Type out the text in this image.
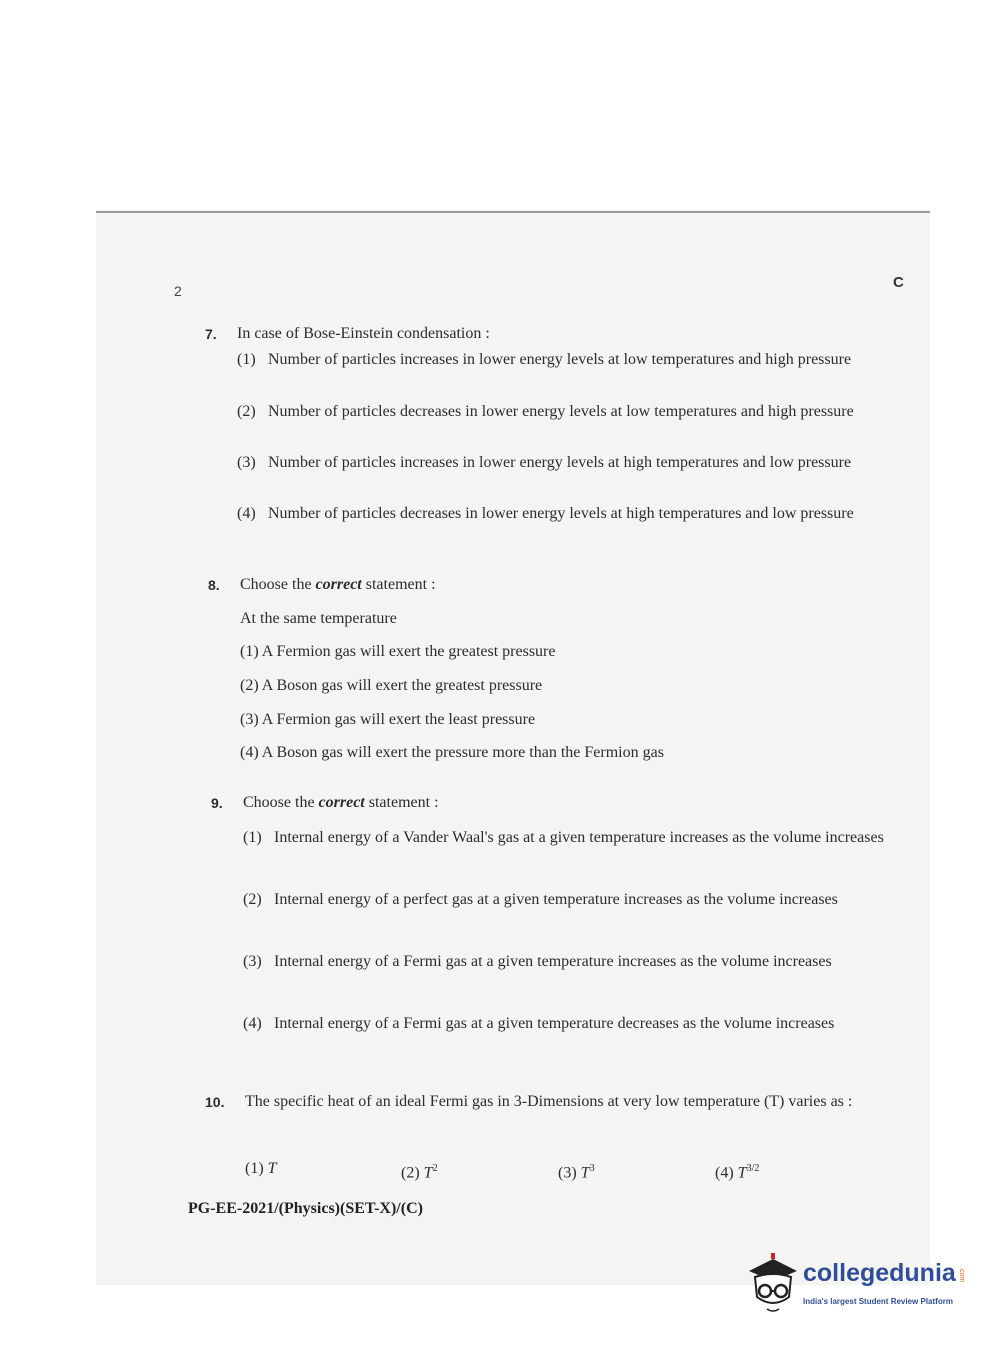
2	C
7. In case of Bose-Einstein condensation :
(1) Number of particles increases in lower energy levels at low temperatures and high pressure
(2) Number of particles decreases in lower energy levels at low temperatures and high pressure
(3) Number of particles increases in lower energy levels at high temperatures and low pressure
(4) Number of particles decreases in lower energy levels at high temperatures and low pressure
8. Choose the correct statement :
At the same temperature
(1) A Fermion gas will exert the greatest pressure
(2) A Boson gas will exert the greatest pressure
(3) A Fermion gas will exert the least pressure
(4) A Boson gas will exert the pressure more than the Fermion gas
9. Choose the correct statement :
(1) Internal energy of a Vander Waal's gas at a given temperature increases as the volume increases
(2) Internal energy of a perfect gas at a given temperature increases as the volume increases
(3) Internal energy of a Fermi gas at a given temperature increases as the volume increases
(4) Internal energy of a Fermi gas at a given temperature decreases as the volume increases
10. The specific heat of an ideal Fermi gas in 3-Dimensions at very low temperature (T) varies as :
(1) T	(2) $T^2$	(3) $T^3$	(4) $T^{3/2}$
PG-EE-2021/(Physics)(SET-X)/(C)
collegedunia .com
India's largest Student Review Platform
